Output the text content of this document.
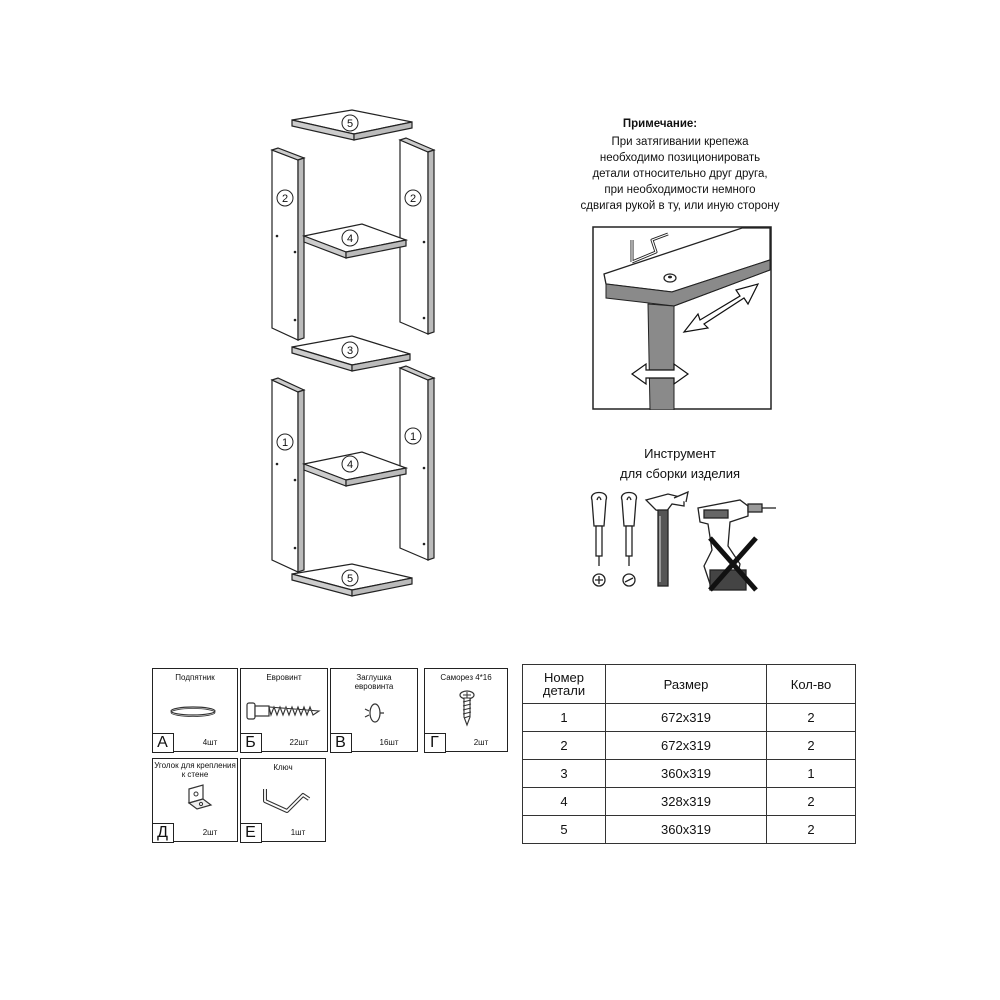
5
2	2
4
3
1	1
4
5
Примечание:
При затягивании крепежа
необходимо позиционировать
детали относительно друг друга,
при необходимости немного
сдвигая рукой в ту, или иную сторону
Инструмент
для сборки изделия
Подпятник
А	4шт
Евровинт
Б	22шт
Заглушка евровинта
В	16шт
Саморез 4*16
Г	2шт
Уголок для крепления к стене
Д	2шт
Ключ
Е	1шт
Номер детали	Размер	Кол-во
1	672x319	2
2	672x319	2
3	360x319	1
4	328x319	2
5	360x319	2
